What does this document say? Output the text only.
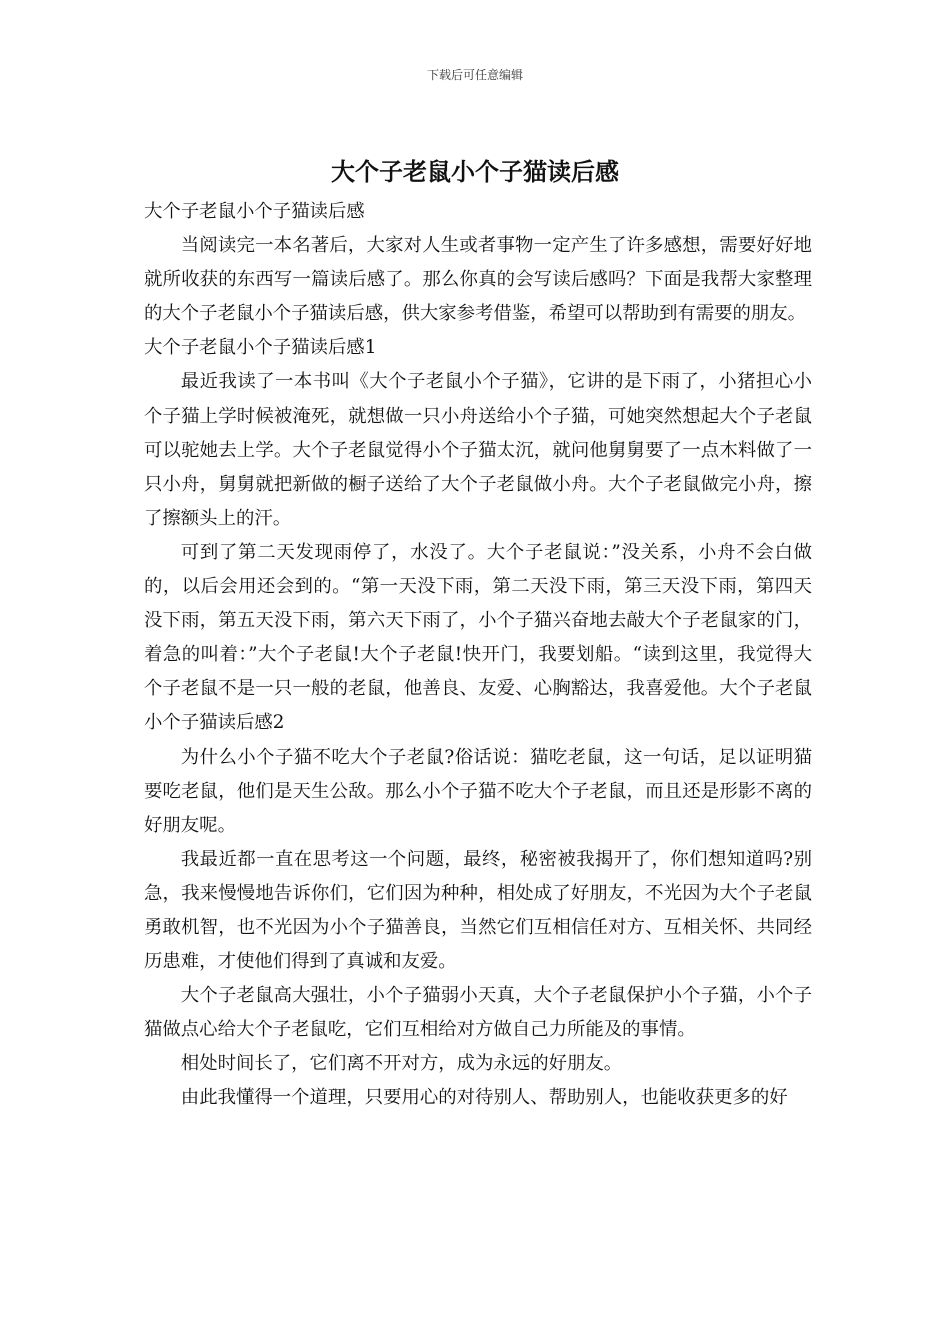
下载后可任意编辑
大个子老鼠小个子猫读后感

大个子老鼠小个子猫读后感

当阅读完一本名著后，大家对人生或者事物一定产生了许多感想，需要好好地就所收获的东西写一篇读后感了。那么你真的会写读后感吗？下面是我帮大家整理的大个子老鼠小个子猫读后感，供大家参考借鉴，希望可以帮助到有需要的朋友。

大个子老鼠小个子猫读后感1

最近我读了一本书叫《大个子老鼠小个子猫》，它讲的是下雨了，小猪担心小个子猫上学时候被淹死，就想做一只小舟送给小个子猫，可她突然想起大个子老鼠可以驼她去上学。大个子老鼠觉得小个子猫太沉，就问他舅舅要了一点木料做了一只小舟，舅舅就把新做的橱子送给了大个子老鼠做小舟。大个子老鼠做完小舟，擦了擦额头上的汗。

可到了第二天发现雨停了，水没了。大个子老鼠说：”没关系，小舟不会白做的，以后会用还会到的。“第一天没下雨，第二天没下雨，第三天没下雨，第四天没下雨，第五天没下雨，第六天下雨了，小个子猫兴奋地去敲大个子老鼠家的门，着急的叫着：”大个子老鼠!大个子老鼠!快开门，我要划船。“读到这里，我觉得大个子老鼠不是一只一般的老鼠，他善良、友爱、心胸豁达，我喜爱他。大个子老鼠小个子猫读后感2

为什么小个子猫不吃大个子老鼠?俗话说：猫吃老鼠，这一句话，足以证明猫要吃老鼠，他们是天生公敌。那么小个子猫不吃大个子老鼠，而且还是形影不离的好朋友呢。

我最近都一直在思考这一个问题，最终，秘密被我揭开了，你们想知道吗?别急，我来慢慢地告诉你们，它们因为种种，相处成了好朋友，不光因为大个子老鼠勇敢机智，也不光因为小个子猫善良，当然它们互相信任对方、互相关怀、共同经历患难，才使他们得到了真诚和友爱。

大个子老鼠高大强壮，小个子猫弱小天真，大个子老鼠保护小个子猫，小个子猫做点心给大个子老鼠吃，它们互相给对方做自己力所能及的事情。

相处时间长了，它们离不开对方，成为永远的好朋友。

由此我懂得一个道理，只要用心的对待别人、帮助别人，也能收获更多的好
